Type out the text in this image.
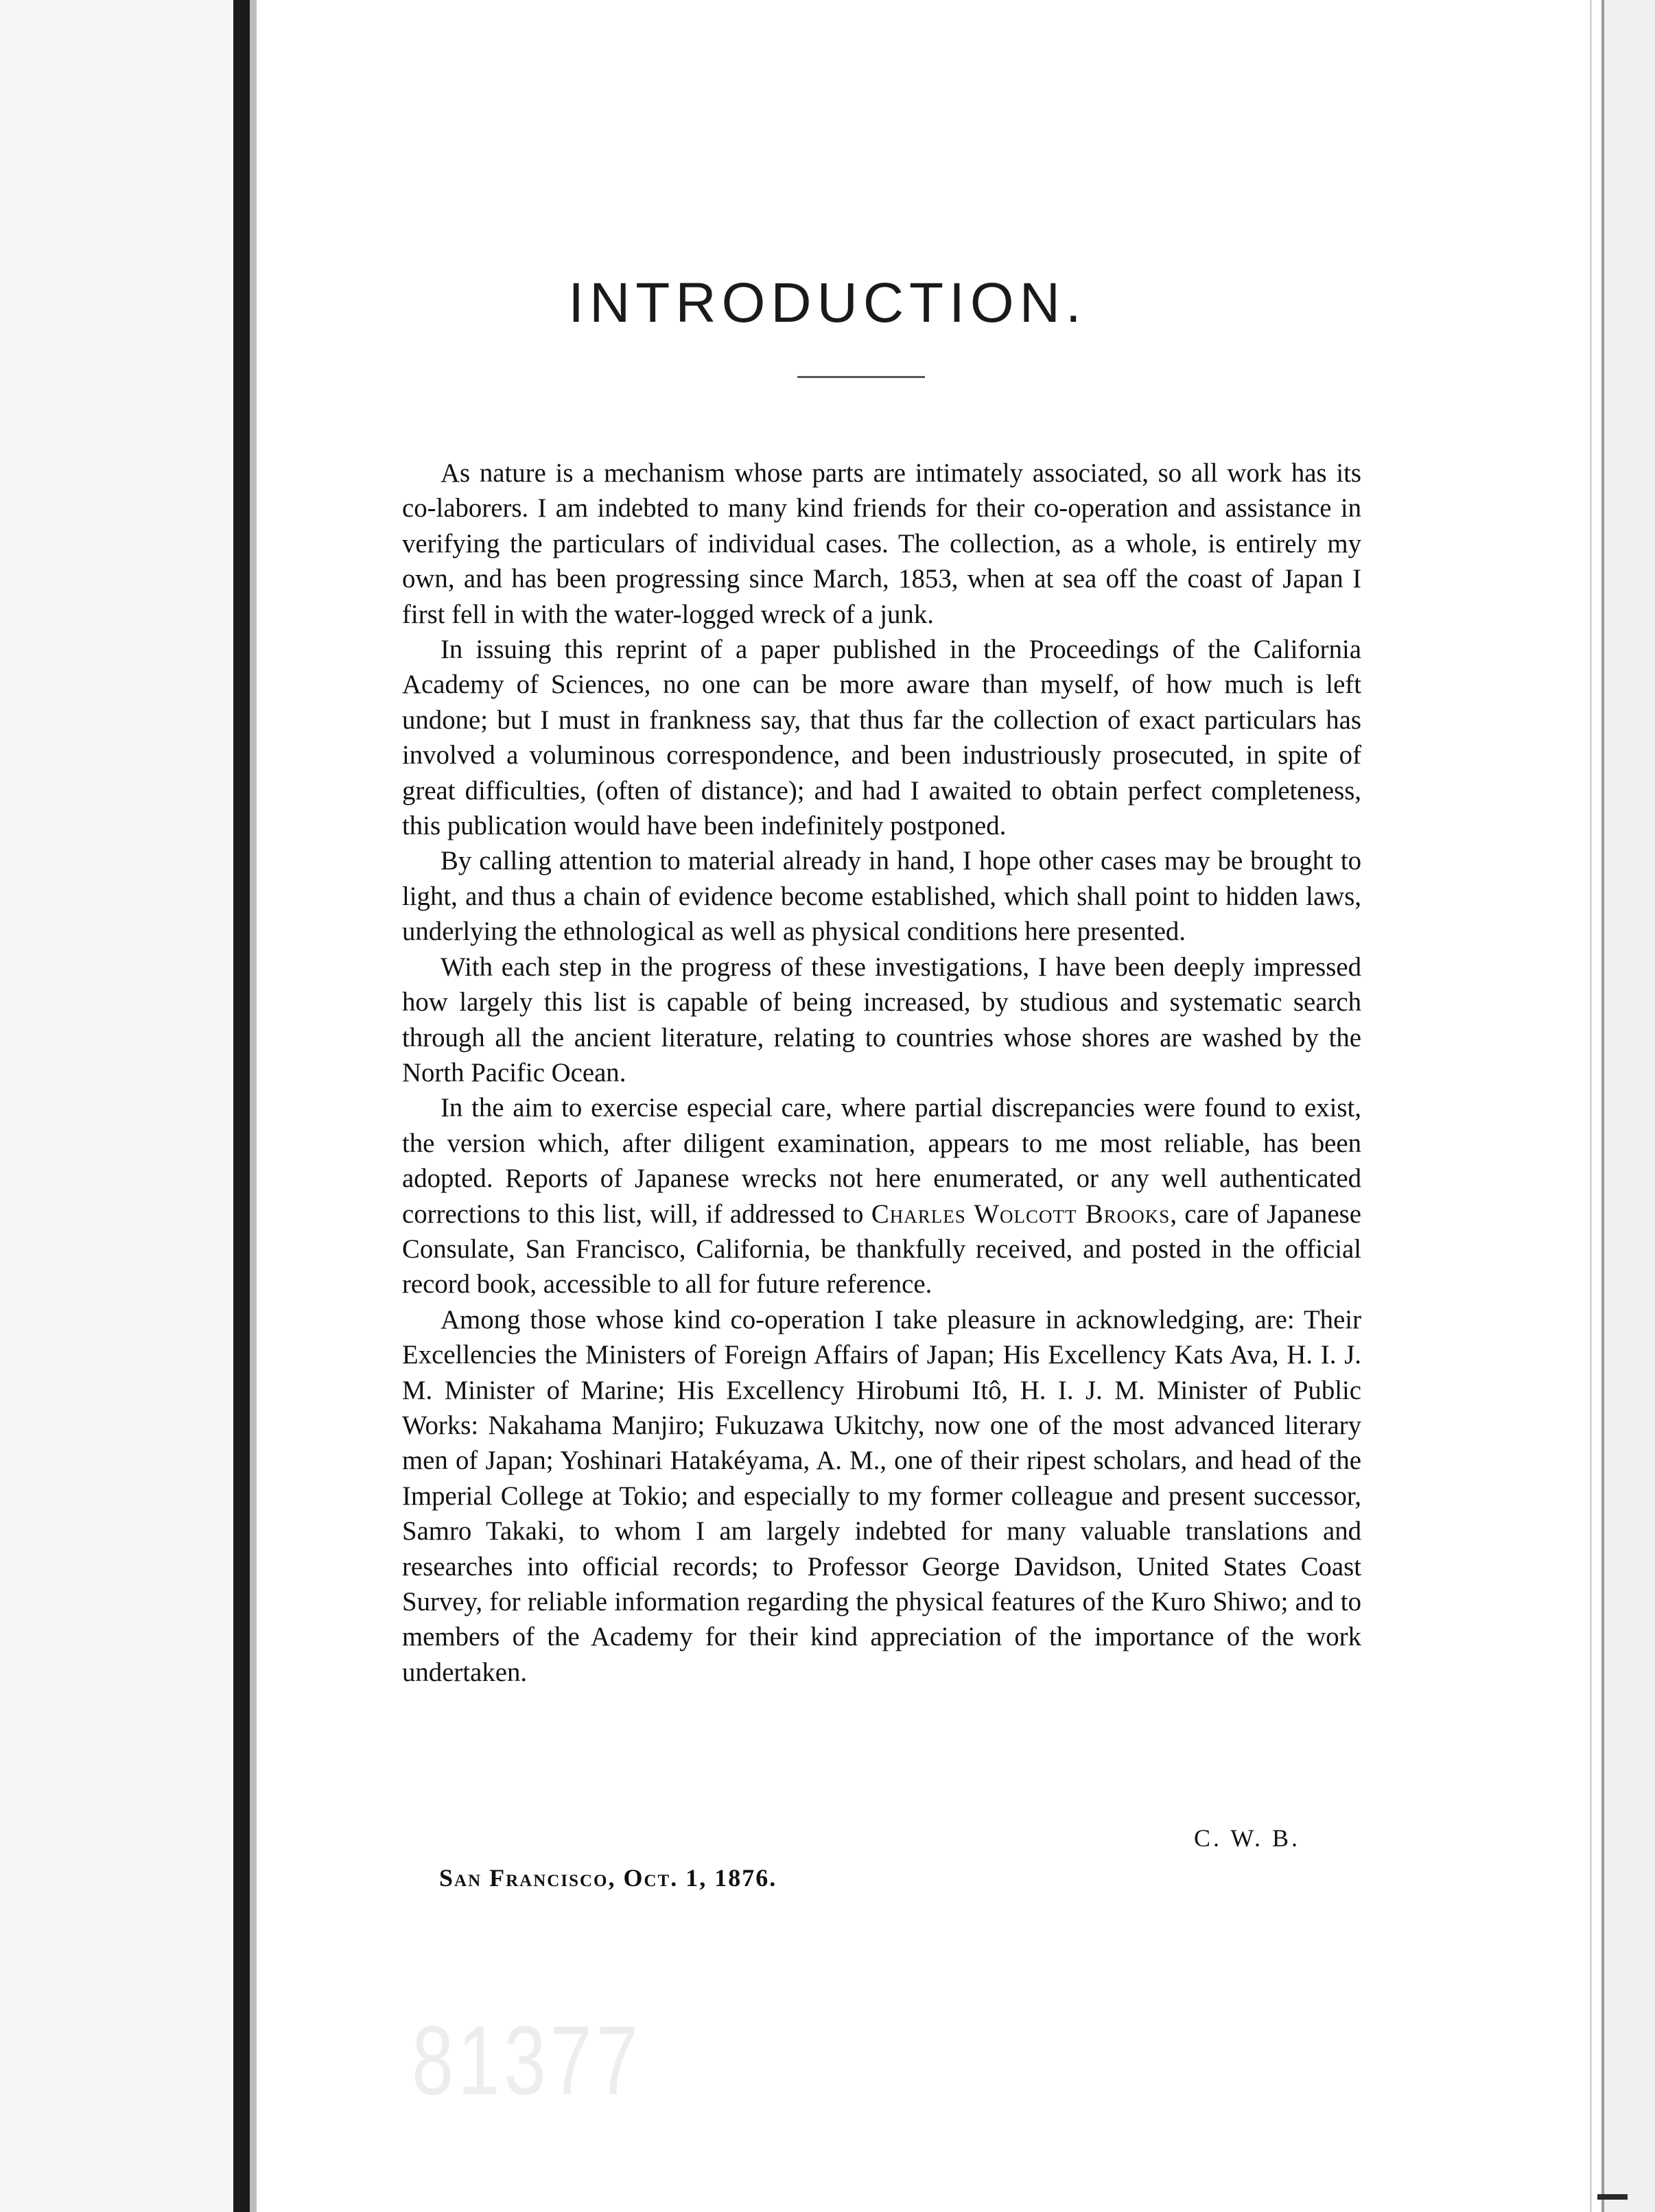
INTRODUCTION.

As nature is a mechanism whose parts are intimately associated, so all work has its co-laborers. I am indebted to many kind friends for their co-operation and assistance in verifying the particulars of individual cases. The collection, as a whole, is entirely my own, and has been progressing since March, 1853, when at sea off the coast of Japan I first fell in with the water-logged wreck of a junk.

In issuing this reprint of a paper published in the Proceedings of the California Academy of Sciences, no one can be more aware than myself, of how much is left undone; but I must in frankness say, that thus far the collection of exact particulars has involved a voluminous correspondence, and been industriously prosecuted, in spite of great difficulties, (often of distance); and had I awaited to obtain perfect completeness, this publication would have been indefinitely postponed.

By calling attention to material already in hand, I hope other cases may be brought to light, and thus a chain of evidence become established, which shall point to hidden laws, underlying the ethnological as well as physical conditions here presented.

With each step in the progress of these investigations, I have been deeply impressed how largely this list is capable of being increased, by studious and systematic search through all the ancient literature, relating to countries whose shores are washed by the North Pacific Ocean.

In the aim to exercise especial care, where partial discrepancies were found to exist, the version which, after diligent examination, appears to me most reliable, has been adopted. Reports of Japanese wrecks not here enumerated, or any well authenticated corrections to this list, will, if addressed to Charles Wolcott Brooks, care of Japanese Consulate, San Francisco, California, be thankfully received, and posted in the official record book, accessible to all for future reference.

Among those whose kind co-operation I take pleasure in acknowledging, are: Their Excellencies the Ministers of Foreign Affairs of Japan; His Excellency Kats Ava, H. I. J. M. Minister of Marine; His Excellency Hirobumi Itô, H. I. J. M. Minister of Public Works: Nakahama Manjiro; Fukuzawa Ukitchy, now one of the most advanced literary men of Japan; Yoshinari Hatakéyama, A. M., one of their ripest scholars, and head of the Imperial College at Tokio; and especially to my former colleague and present successor, Samro Takaki, to whom I am largely indebted for many valuable translations and researches into official records; to Professor George Davidson, United States Coast Survey, for reliable information regarding the physical features of the Kuro Shiwo; and to members of the Academy for their kind appreciation of the importance of the work undertaken.

C. W. B.
San Francisco, Oct. 1, 1876.
81377
